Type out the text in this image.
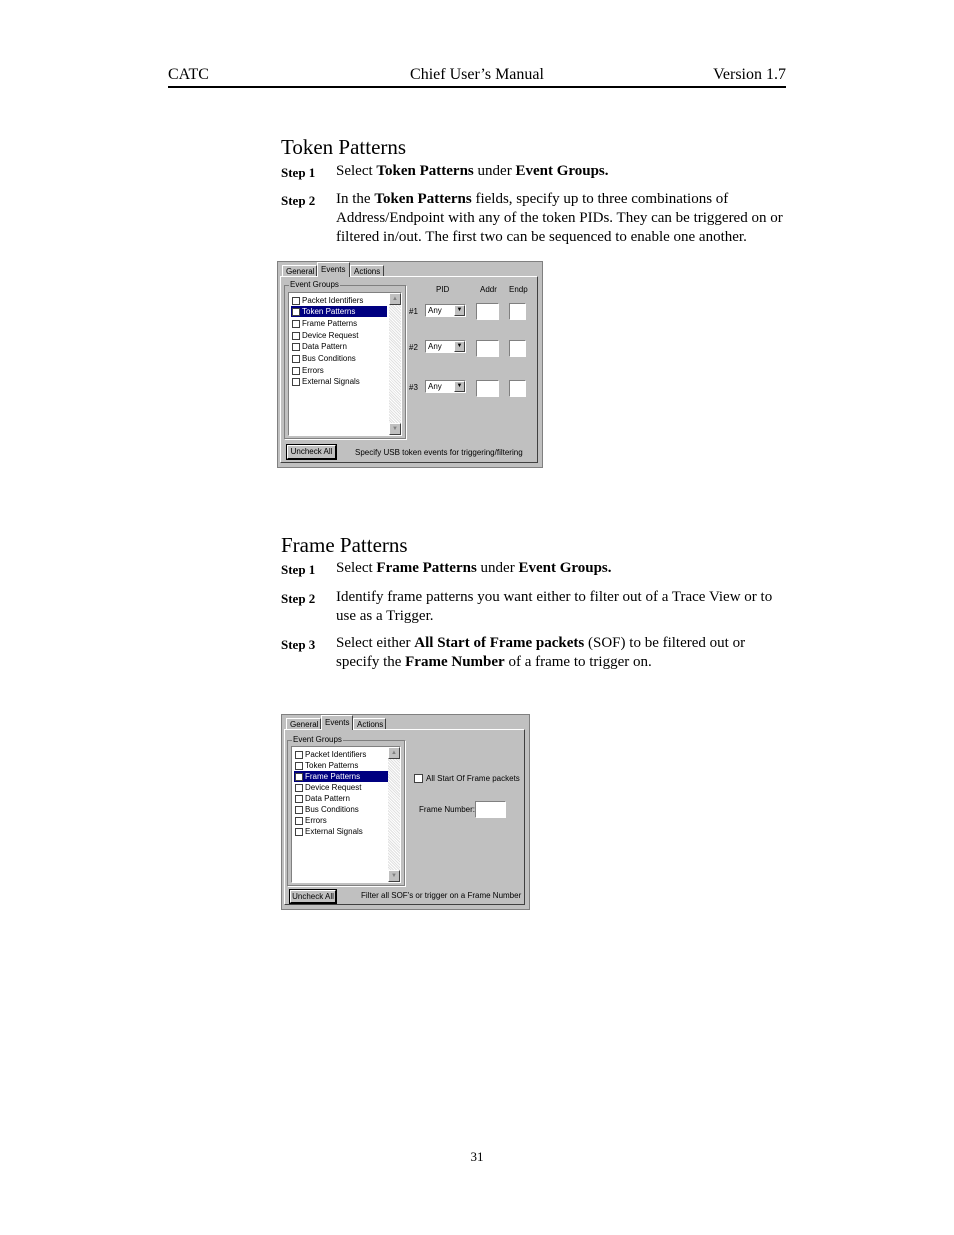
CATC	Chief User’s Manual	Version 1.7
Token Patterns
Step 1 Select Token Patterns under Event Groups.
Step 2 In the Token Patterns fields, specify up to three combinations of Address/Endpoint with any of the token PIDs. They can be triggered on or filtered in/out. The first two can be sequenced to enable one another.
General Events	Actions
Event Groups
Packet Identifiers
Token Patterns
Frame Patterns
Device Request
Data Pattern
Bus Conditions
Errors
External Signals
▲
▼
PID	Addr Endp
#1	Any	▼
#2	Any	▼
#3	Any	▼
Uncheck All	Specify USB token events for triggering/filtering
Frame Patterns
Step 1 Select Frame Patterns under Event Groups.
Step 2 Identify frame patterns you want either to filter out of a Trace View or to use as a Trigger.
Step 3 Select either All Start of Frame packets (SOF) to be filtered out or specify the Frame Number of a frame to trigger on.
General Events Actions
Event Groups
Packet Identifiers
Token Patterns
Frame Patterns
Device Request
Data Pattern
Bus Conditions
Errors
External Signals
▲
▼
All Start Of Frame packets
Frame Number:
Uncheck All	Filter all SOF's or trigger on a Frame Number
31
